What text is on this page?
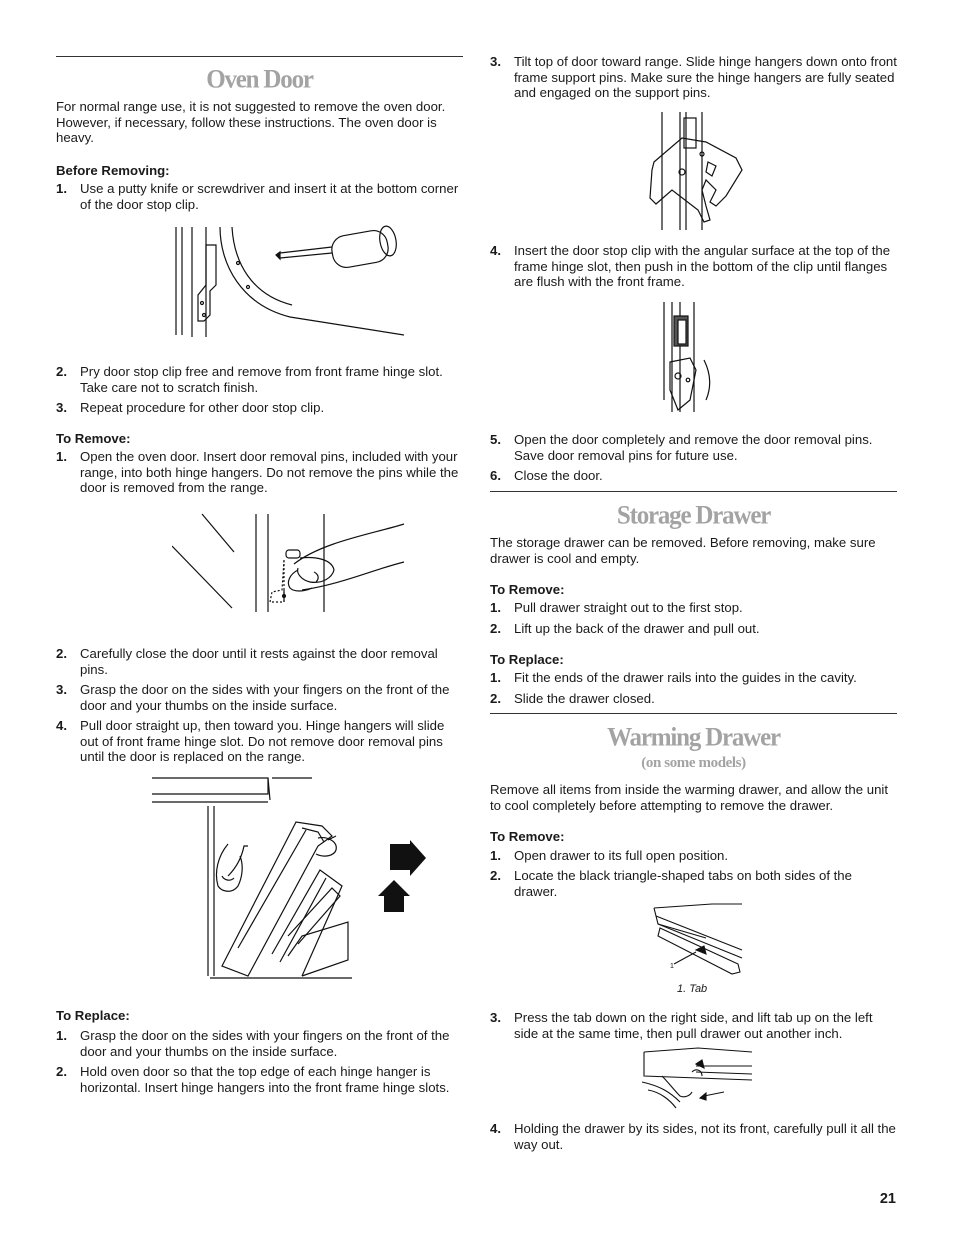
Oven Door
For normal range use, it is not suggested to remove the oven door. However, if necessary, follow these instructions. The oven door is heavy.
Before Removing:
1. Use a putty knife or screwdriver and insert it at the bottom corner of the door stop clip.
2. Pry door stop clip free and remove from front frame hinge slot. Take care not to scratch finish.
3. Repeat procedure for other door stop clip.
To Remove:
1. Open the oven door. Insert door removal pins, included with your range, into both hinge hangers. Do not remove the pins while the door is removed from the range.
2. Carefully close the door until it rests against the door removal pins.
3. Grasp the door on the sides with your fingers on the front of the door and your thumbs on the inside surface.
4. Pull door straight up, then toward you. Hinge hangers will slide out of front frame hinge slot. Do not remove door removal pins until the door is replaced on the range.
To Replace:
1. Grasp the door on the sides with your fingers on the front of the door and your thumbs on the inside surface.
2. Hold oven door so that the top edge of each hinge hanger is horizontal. Insert hinge hangers into the front frame hinge slots.
3. Tilt top of door toward range. Slide hinge hangers down onto front frame support pins. Make sure the hinge hangers are fully seated and engaged on the support pins.
4. Insert the door stop clip with the angular surface at the top of the frame hinge slot, then push in the bottom of the clip until flanges are flush with the front frame.
5. Open the door completely and remove the door removal pins. Save door removal pins for future use.
6. Close the door.
Storage Drawer
The storage drawer can be removed. Before removing, make sure drawer is cool and empty.
To Remove:
1. Pull drawer straight out to the first stop.
2. Lift up the back of the drawer and pull out.
To Replace:
1. Fit the ends of the drawer rails into the guides in the cavity.
2. Slide the drawer closed.
Warming Drawer
(on some models)
Remove all items from inside the warming drawer, and allow the unit to cool completely before attempting to remove the drawer.
To Remove:
1. Open drawer to its full open position.
2. Locate the black triangle-shaped tabs on both sides of the drawer.
1
1. Tab
3. Press the tab down on the right side, and lift tab up on the left side at the same time, then pull drawer out another inch.
4. Holding the drawer by its sides, not its front, carefully pull it all the way out.
21
